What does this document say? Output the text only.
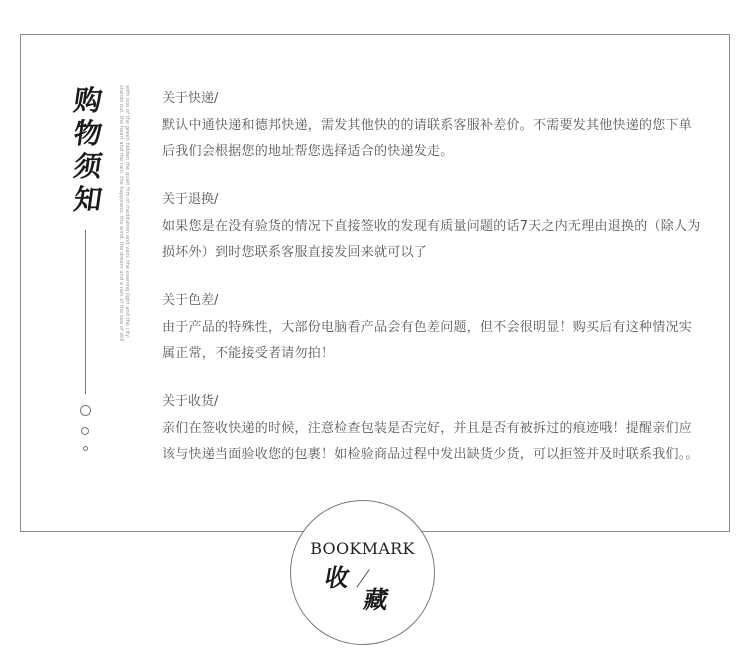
购
物
须
知	with one of the green hidden the quiet film of meditation and vain, the evening light and the city stands out, the heart and the rain, the happiness, the wind, the dream and a rain of the sea of still	关于快递/
默认中通快递和德邦快递，需发其他快的的请联系客服补差价。不需要发其他快递的您下单后我们会根据您的地址帮您选择适合的快递发走。
关于退换/
如果您是在没有验货的情况下直接签收的发现有质量问题的话7天之内无理由退换的（除人为损坏外）到时您联系客服直接发回来就可以了
关于色差/
由于产品的特殊性，大部份电脑看产品会有色差问题，但不会很明显！购买后有这种情况实属正常，不能接受者请勿拍！
关于收货/
亲们在签收快递的时候，注意检查包装是否完好，并且是否有被拆过的痕迹哦！提醒亲们应该与快递当面验收您的包裹！如检验商品过程中发出缺货少货，可以拒签并及时联系我们。。
BOOKMARK
收
藏
